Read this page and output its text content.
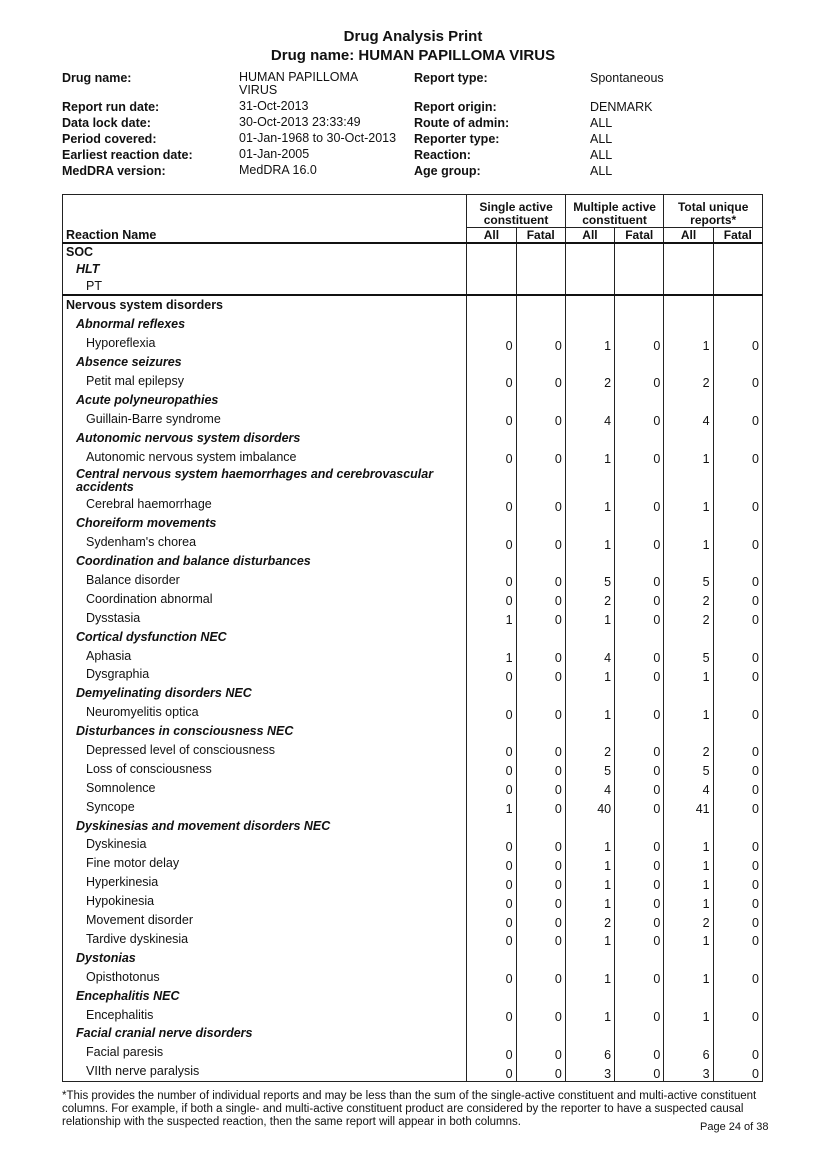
Drug Analysis Print
Drug name: HUMAN PAPILLOMA VIRUS
Drug name:	HUMAN PAPILLOMA VIRUS
Report type:	Spontaneous
Report run date:	31-Oct-2013	Report origin:	DENMARK
Data lock date:	30-Oct-2013 23:33:49	Route of admin:	ALL
Period covered:	01-Jan-1968 to 30-Oct-2013	Reporter type:	ALL
Earliest reaction date:	01-Jan-2005	Reaction:	ALL
MedDRA version:	MedDRA 16.0	Age group:	ALL
Reaction Name	Single active constituent		Multiple active constituent		Total unique reports*	
	All	Fatal	All	Fatal	All	Fatal
SOC						
HLT						
PT						
Nervous system disorders						
Abnormal reflexes						
Hyporeflexia	0	0	1	0	1	0
Absence seizures						
Petit mal epilepsy	0	0	2	0	2	0
Acute polyneuropathies						
Guillain-Barre syndrome	0	0	4	0	4	0
Autonomic nervous system disorders						
Autonomic nervous system imbalance	0	0	1	0	1	0
Central nervous system haemorrhages and cerebrovascular accidents						
Cerebral haemorrhage	0	0	1	0	1	0
Choreiform movements						
Sydenham's chorea	0	0	1	0	1	0
Coordination and balance disturbances						
Balance disorder	0	0	5	0	5	0
Coordination abnormal	0	0	2	0	2	0
Dysstasia	1	0	1	0	2	0
Cortical dysfunction NEC						
Aphasia	1	0	4	0	5	0
Dysgraphia	0	0	1	0	1	0
Demyelinating disorders NEC						
Neuromyelitis optica	0	0	1	0	1	0
Disturbances in consciousness NEC						
Depressed level of consciousness	0	0	2	0	2	0
Loss of consciousness	0	0	5	0	5	0
Somnolence	0	0	4	0	4	0
Syncope	1	0	40	0	41	0
Dyskinesias and movement disorders NEC						
Dyskinesia	0	0	1	0	1	0
Fine motor delay	0	0	1	0	1	0
Hyperkinesia	0	0	1	0	1	0
Hypokinesia	0	0	1	0	1	0
Movement disorder	0	0	2	0	2	0
Tardive dyskinesia	0	0	1	0	1	0
Dystonias						
Opisthotonus	0	0	1	0	1	0
Encephalitis NEC						
Encephalitis	0	0	1	0	1	0
Facial cranial nerve disorders						
Facial paresis	0	0	6	0	6	0
VIIth nerve paralysis	0	0	3	0	3	0
*This provides the number of individual reports and may be less than the sum of the single-active constituent and multi-active constituent columns. For example, if both a single- and multi-active constituent product are considered by the reporter to have a suspected causal relationship with the suspected reaction, then the same report will appear in both columns.	Page 24 of 38
